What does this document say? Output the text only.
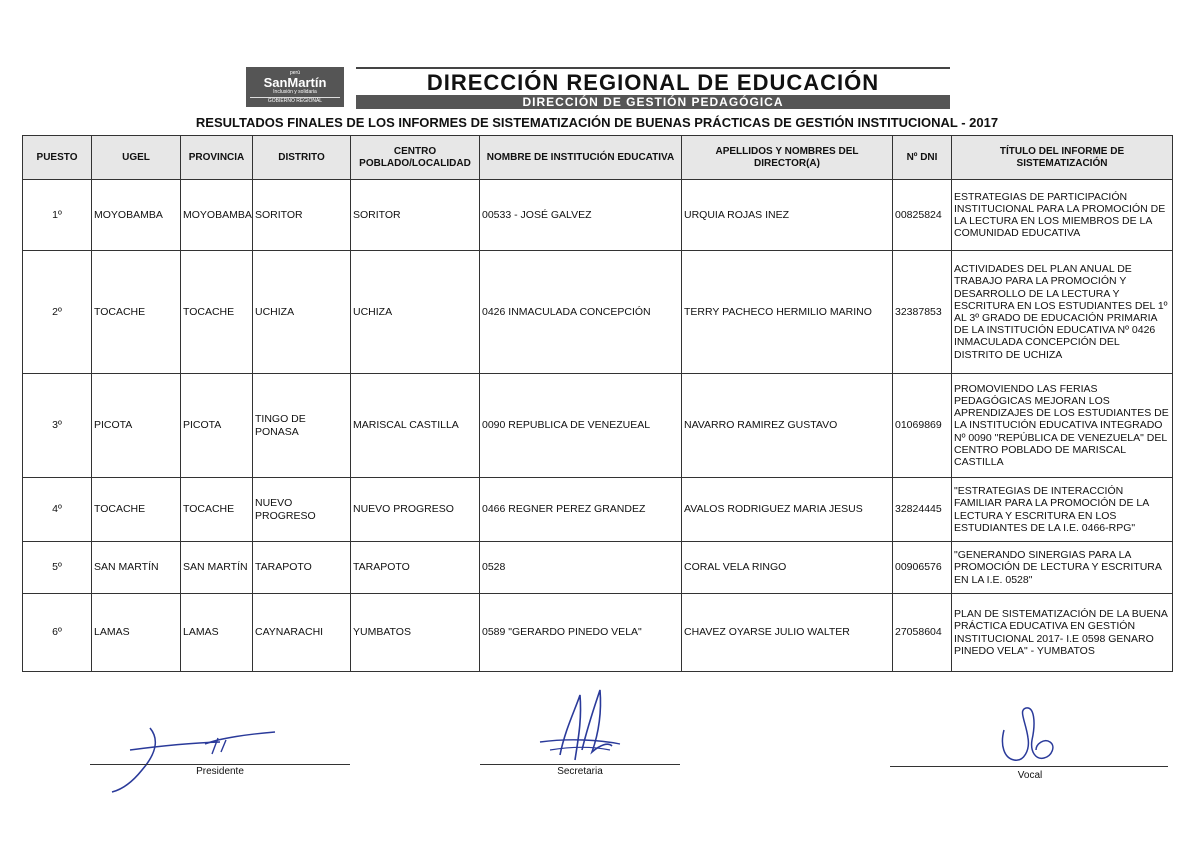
perú
SanMartín
Inclusión y solidaria
GOBIERNO REGIONAL
DIRECCIÓN REGIONAL DE EDUCACIÓN
DIRECCIÓN DE GESTIÓN PEDAGÓGICA
RESULTADOS FINALES DE LOS INFORMES DE SISTEMATIZACIÓN DE BUENAS PRÁCTICAS DE GESTIÓN INSTITUCIONAL - 2017
PUESTO	UGEL	PROVINCIA	DISTRITO	CENTRO POBLADO/LOCALIDAD	NOMBRE DE INSTITUCIÓN EDUCATIVA	APELLIDOS Y NOMBRES DEL DIRECTOR(A)	Nº DNI	TÍTULO DEL INFORME DE SISTEMATIZACIÓN
1º	MOYOBAMBA	MOYOBAMBA	SORITOR	SORITOR	00533 - JOSÉ GALVEZ	URQUIA ROJAS INEZ	00825824	ESTRATEGIAS DE PARTICIPACIÓN INSTITUCIONAL PARA LA PROMOCIÓN DE LA LECTURA EN LOS MIEMBROS DE LA COMUNIDAD EDUCATIVA
2º	TOCACHE	TOCACHE	UCHIZA	UCHIZA	0426 INMACULADA CONCEPCIÓN	TERRY PACHECO HERMILIO MARINO	32387853	ACTIVIDADES DEL PLAN ANUAL DE TRABAJO PARA LA PROMOCIÓN Y DESARROLLO DE LA LECTURA Y ESCRITURA EN LOS ESTUDIANTES DEL 1º AL 3º GRADO DE EDUCACIÓN PRIMARIA DE LA INSTITUCIÓN EDUCATIVA Nº 0426 INMACULADA CONCEPCIÓN DEL DISTRITO DE UCHIZA
3º	PICOTA	PICOTA	TINGO DE PONASA	MARISCAL CASTILLA	0090 REPUBLICA DE VENEZUEAL	NAVARRO RAMIREZ GUSTAVO	01069869	PROMOVIENDO LAS FERIAS PEDAGÓGICAS MEJORAN LOS APRENDIZAJES DE LOS ESTUDIANTES DE LA INSTITUCIÓN EDUCATIVA INTEGRADO Nº 0090 "REPÚBLICA DE VENEZUELA" DEL CENTRO POBLADO DE MARISCAL CASTILLA
4º	TOCACHE	TOCACHE	NUEVO PROGRESO	NUEVO PROGRESO	0466 REGNER PEREZ GRANDEZ	AVALOS RODRIGUEZ MARIA JESUS	32824445	"ESTRATEGIAS DE INTERACCIÓN FAMILIAR PARA LA PROMOCIÓN DE LA LECTURA Y ESCRITURA EN LOS ESTUDIANTES DE LA I.E. 0466-RPG"
5º	SAN MARTÍN	SAN MARTÍN	TARAPOTO	TARAPOTO	0528	CORAL VELA RINGO	00906576	"GENERANDO SINERGIAS PARA LA PROMOCIÓN DE LECTURA Y ESCRITURA EN LA I.E. 0528"
6º	LAMAS	LAMAS	CAYNARACHI	YUMBATOS	0589 "GERARDO PINEDO VELA"	CHAVEZ OYARSE JULIO WALTER	27058604	PLAN DE SISTEMATIZACIÓN DE LA BUENA PRÁCTICA EDUCATIVA EN GESTIÓN INSTITUCIONAL 2017- I.E 0598 GENARO PINEDO VELA" - YUMBATOS
Presidente	Secretaria	Vocal
